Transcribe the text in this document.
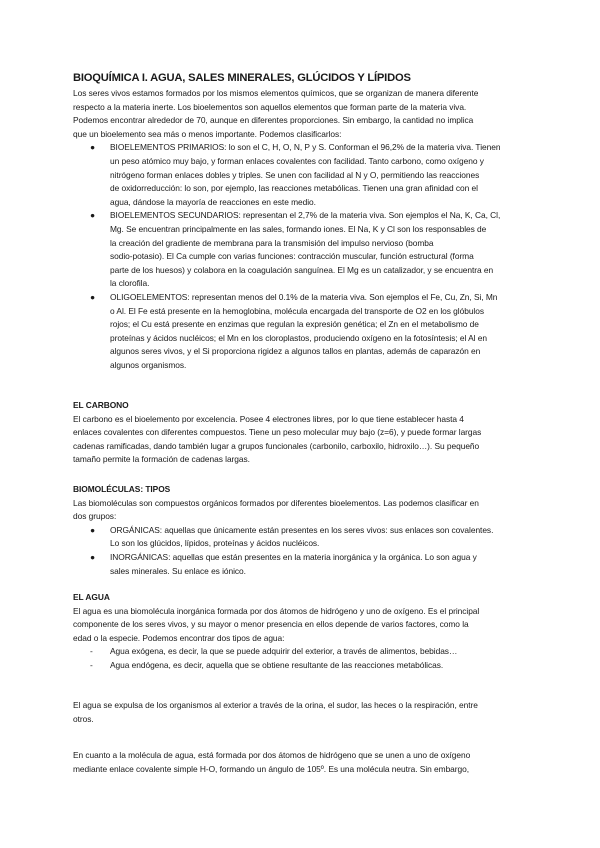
BIOQUÍMICA I. AGUA, SALES MINERALES, GLÚCIDOS Y LÍPIDOS
Los seres vivos estamos formados por los mismos elementos químicos, que se organizan de manera diferente
respecto a la materia inerte. Los bioelementos son aquellos elementos que forman parte de la materia viva.
Podemos encontrar alrededor de 70, aunque en diferentes proporciones. Sin embargo, la cantidad no implica
que un bioelemento sea más o menos importante. Podemos clasificarlos:
● BIOELEMENTOS PRIMARIOS: lo son el C, H, O, N, P y S. Conforman el 96,2% de la materia viva. Tienen
un peso atómico muy bajo, y forman enlaces covalentes con facilidad. Tanto carbono, como oxígeno y
nitrógeno forman enlaces dobles y triples. Se unen con facilidad al N y O, permitiendo las reacciones
de oxidorreducción: lo son, por ejemplo, las reacciones metabólicas. Tienen una gran afinidad con el
agua, dándose la mayoría de reacciones en este medio.
● BIOELEMENTOS SECUNDARIOS: representan el 2,7% de la materia viva. Son ejemplos el Na, K, Ca, Cl,
Mg. Se encuentran principalmente en las sales, formando iones. El Na, K y Cl son los responsables de
la creación del gradiente de membrana para la transmisión del impulso nervioso (bomba
sodio-potasio). El Ca cumple con varias funciones: contracción muscular, función estructural (forma
parte de los huesos) y colabora en la coagulación sanguínea. El Mg es un catalizador, y se encuentra en
la clorofila.
● OLIGOELEMENTOS: representan menos del 0.1% de la materia viva. Son ejemplos el Fe, Cu, Zn, Si, Mn
o Al. El Fe está presente en la hemoglobina, molécula encargada del transporte de O2 en los glóbulos
rojos; el Cu está presente en enzimas que regulan la expresión genética; el Zn en el metabolismo de
proteínas y ácidos nucléicos; el Mn en los cloroplastos, produciendo oxígeno en la fotosíntesis; el Al en
algunos seres vivos, y el Si proporciona rigidez a algunos tallos en plantas, además de caparazón en
algunos organismos.
EL CARBONO
El carbono es el bioelemento por excelencia. Posee 4 electrones libres, por lo que tiene establecer hasta 4
enlaces covalentes con diferentes compuestos. Tiene un peso molecular muy bajo (z=6), y puede formar largas
cadenas ramificadas, dando también lugar a grupos funcionales (carbonilo, carboxilo, hidroxilo…). Su pequeño
tamaño permite la formación de cadenas largas.
BIOMOLÉCULAS: TIPOS
Las biomoléculas son compuestos orgánicos formados por diferentes bioelementos. Las podemos clasificar en
dos grupos:
● ORGÁNICAS: aquellas que únicamente están presentes en los seres vivos: sus enlaces son covalentes.
Lo son los glúcidos, lípidos, proteínas y ácidos nucléicos.
● INORGÁNICAS: aquellas que están presentes en la materia inorgánica y la orgánica. Lo son agua y
sales minerales. Su enlace es iónico.
EL AGUA
El agua es una biomolécula inorgánica formada por dos átomos de hidrógeno y uno de oxígeno. Es el principal
componente de los seres vivos, y su mayor o menor presencia en ellos depende de varios factores, como la
edad o la especie. Podemos encontrar dos tipos de agua:
- Agua exógena, es decir, la que se puede adquirir del exterior, a través de alimentos, bebidas…
- Agua endógena, es decir, aquella que se obtiene resultante de las reacciones metabólicas.
El agua se expulsa de los organismos al exterior a través de la orina, el sudor, las heces o la respiración, entre
otros.
En cuanto a la molécula de agua, está formada por dos átomos de hidrógeno que se unen a uno de oxígeno
mediante enlace covalente simple H-O, formando un ángulo de 105º. Es una molécula neutra. Sin embargo,
